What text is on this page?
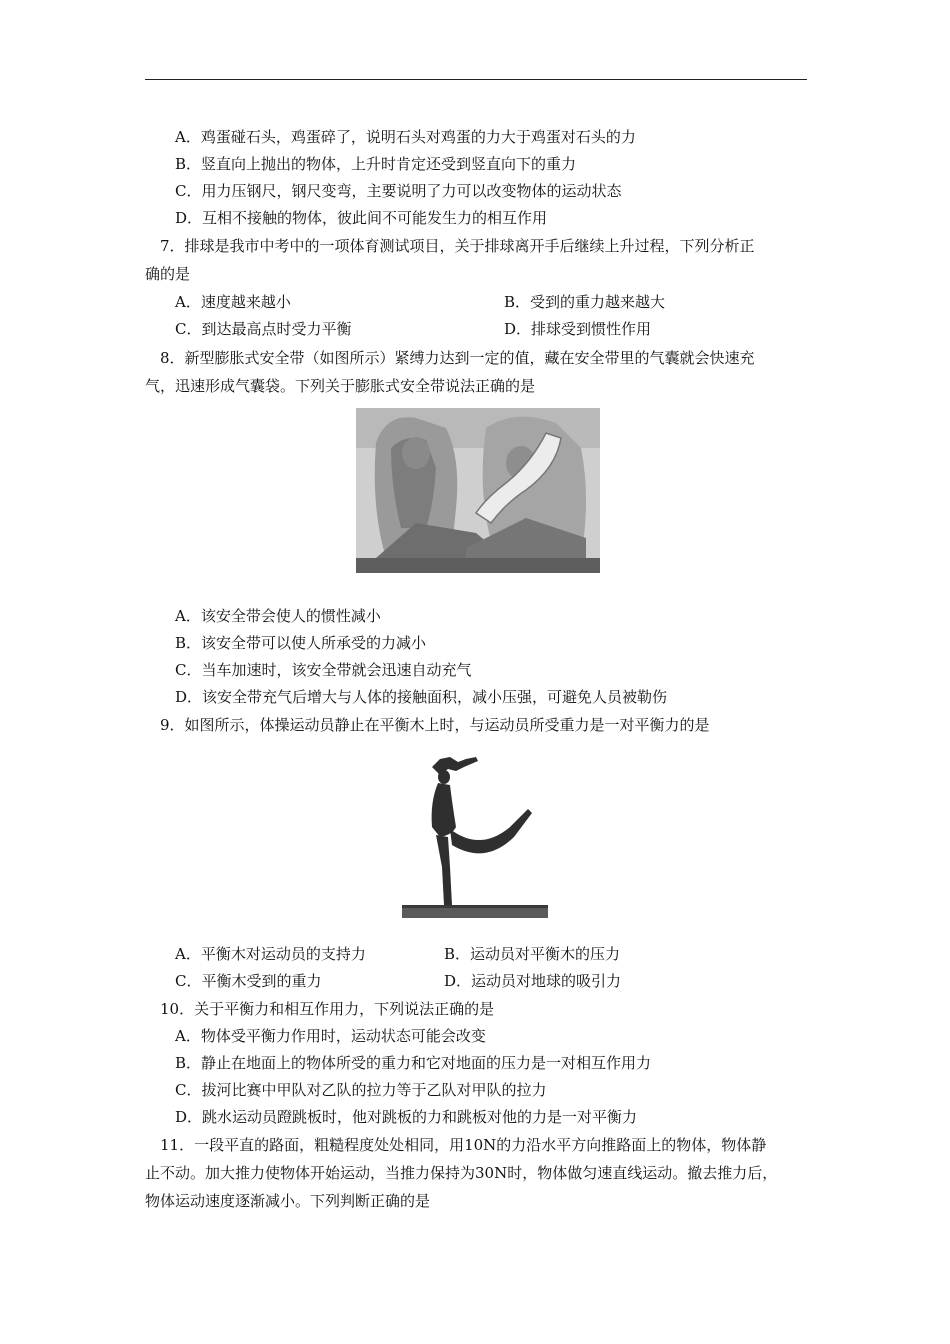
A．鸡蛋碰石头，鸡蛋碎了，说明石头对鸡蛋的力大于鸡蛋对石头的力
B．竖直向上抛出的物体，上升时肯定还受到竖直向下的重力
C．用力压钢尺，钢尺变弯，主要说明了力可以改变物体的运动状态
D．互相不接触的物体，彼此间不可能发生力的相互作用
7．排球是我市中考中的一项体育测试项目，关于排球离开手后继续上升过程，下列分析正
确的是
A．速度越来越小	B．受到的重力越来越大
C．到达最高点时受力平衡	D．排球受到惯性作用
8．新型膨胀式安全带（如图所示）紧缚力达到一定的值，藏在安全带里的气囊就会快速充
气，迅速形成气囊袋。下列关于膨胀式安全带说法正确的是
A．该安全带会使人的惯性减小
B．该安全带可以使人所承受的力减小
C．当车加速时，该安全带就会迅速自动充气
D．该安全带充气后增大与人体的接触面积，减小压强，可避免人员被勒伤
9．如图所示，体操运动员静止在平衡木上时，与运动员所受重力是一对平衡力的是
A．平衡木对运动员的支持力	B．运动员对平衡木的压力
C．平衡木受到的重力	D．运动员对地球的吸引力
10．关于平衡力和相互作用力，下列说法正确的是
A．物体受平衡力作用时，运动状态可能会改变
B．静止在地面上的物体所受的重力和它对地面的压力是一对相互作用力
C．拔河比赛中甲队对乙队的拉力等于乙队对甲队的拉力
D．跳水运动员蹬跳板时，他对跳板的力和跳板对他的力是一对平衡力
11．一段平直的路面，粗糙程度处处相同，用10N的力沿水平方向推路面上的物体，物体静
止不动。加大推力使物体开始运动，当推力保持为30N时，物体做匀速直线运动。撤去推力后，
物体运动速度逐渐减小。下列判断正确的是
